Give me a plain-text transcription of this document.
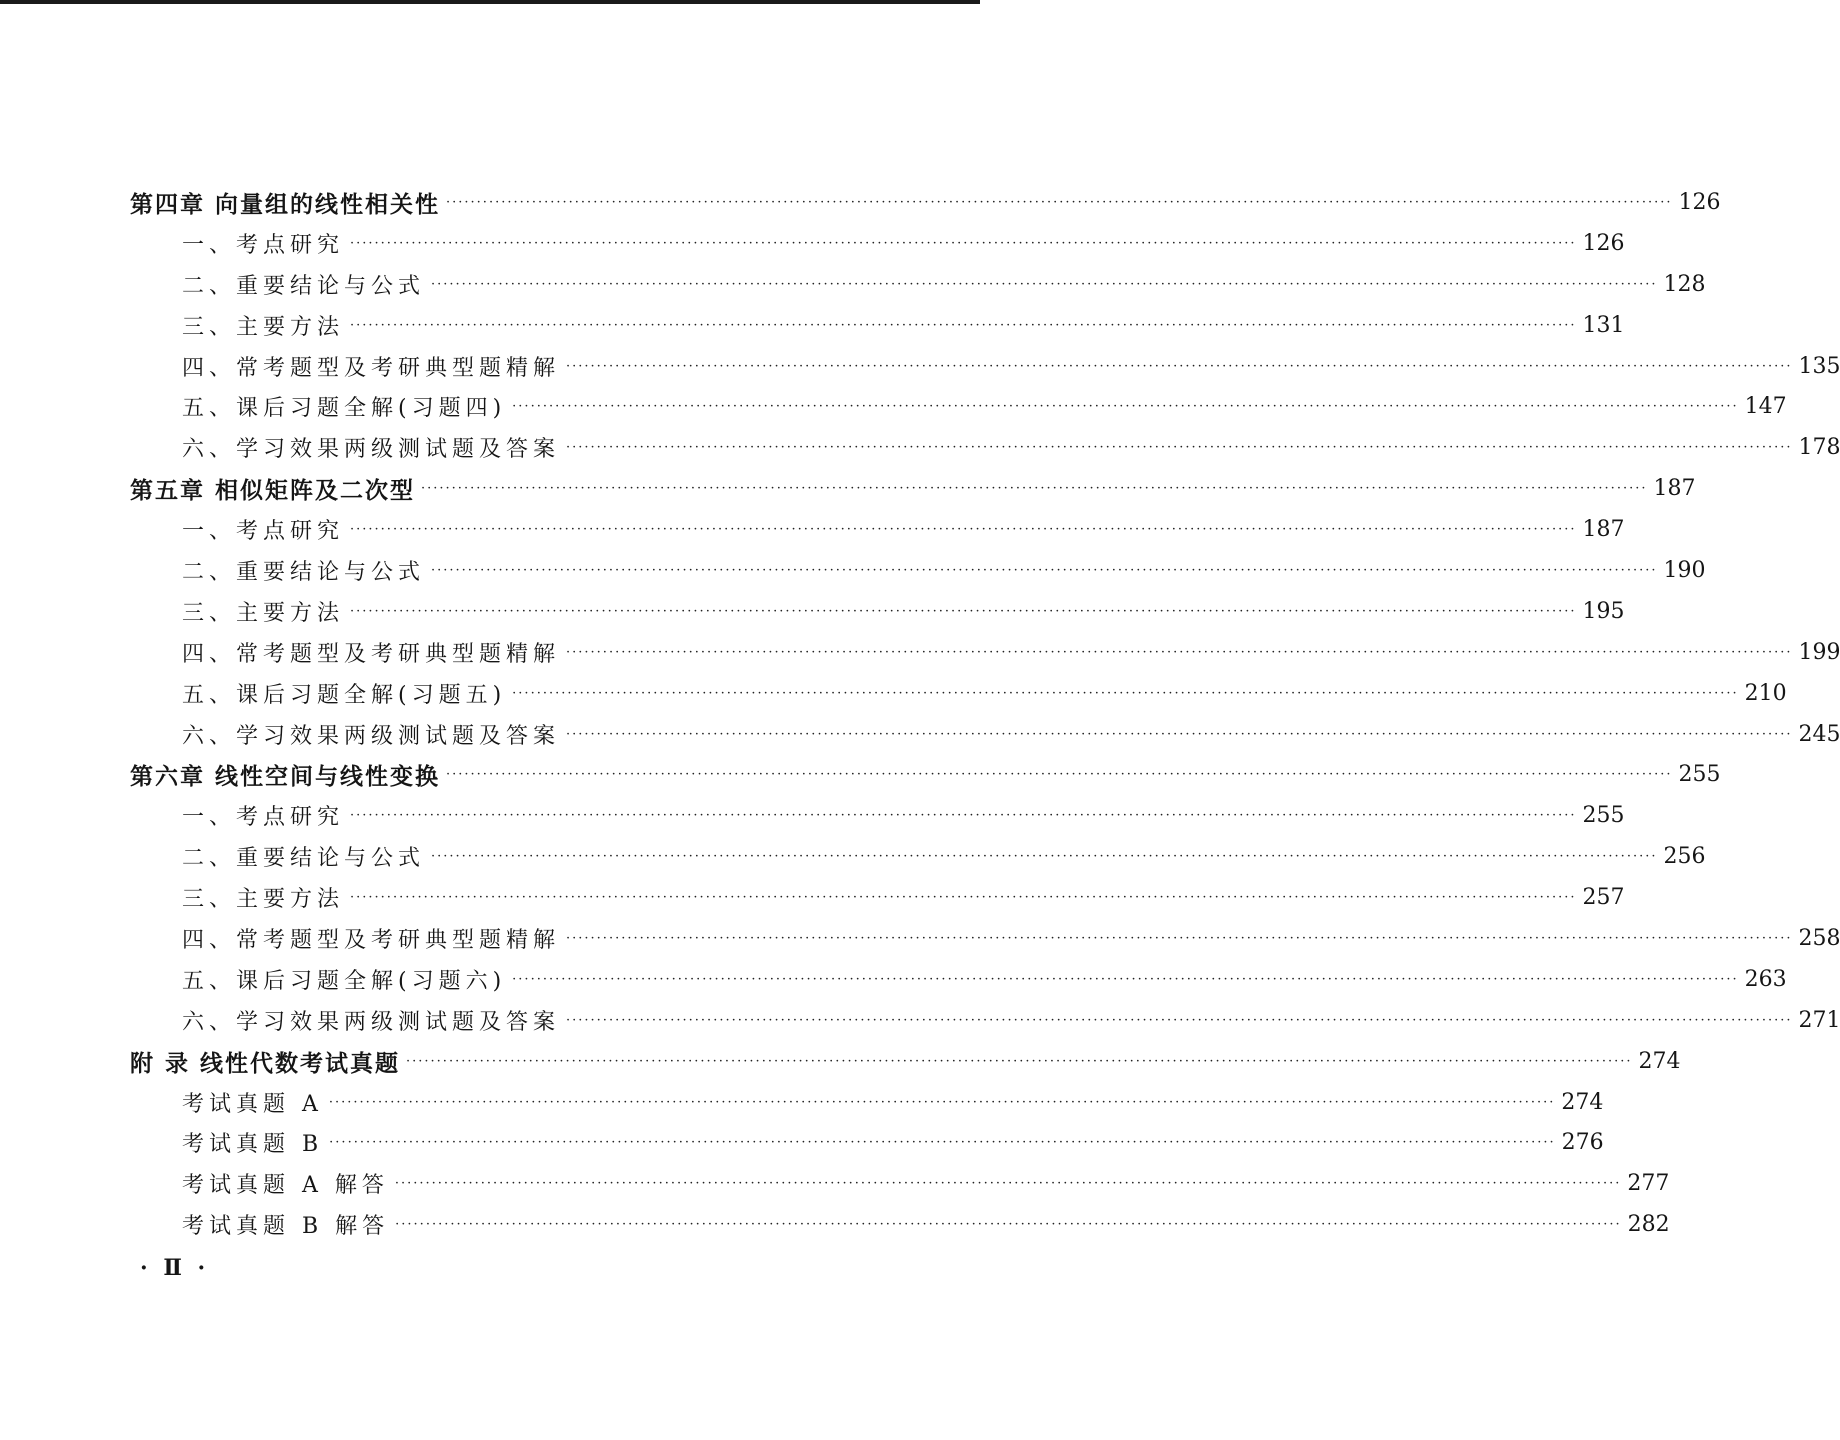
第四章 向量组的线性相关性 ········································································································································································································ 126
一、考点研究 ········································································································································································································ 126
二、重要结论与公式 ········································································································································································································ 128
三、主要方法 ········································································································································································································ 131
四、常考题型及考研典型题精解 ········································································································································································································ 135
五、课后习题全解(习题四) ········································································································································································································ 147
六、学习效果两级测试题及答案 ········································································································································································································ 178
第五章 相似矩阵及二次型 ········································································································································································································ 187
一、考点研究 ········································································································································································································ 187
二、重要结论与公式 ········································································································································································································ 190
三、主要方法 ········································································································································································································ 195
四、常考题型及考研典型题精解 ········································································································································································································ 199
五、课后习题全解(习题五) ········································································································································································································ 210
六、学习效果两级测试题及答案 ········································································································································································································ 245
第六章 线性空间与线性变换 ········································································································································································································ 255
一、考点研究 ········································································································································································································ 255
二、重要结论与公式 ········································································································································································································ 256
三、主要方法 ········································································································································································································ 257
四、常考题型及考研典型题精解 ········································································································································································································ 258
五、课后习题全解(习题六) ········································································································································································································ 263
六、学习效果两级测试题及答案 ········································································································································································································ 271
附 录 线性代数考试真题 ········································································································································································································ 274
考试真题 A ········································································································································································································ 274
考试真题 B ········································································································································································································ 276
考试真题 A 解答 ········································································································································································································ 277
考试真题 B 解答 ········································································································································································································ 282
· Ⅱ ·
